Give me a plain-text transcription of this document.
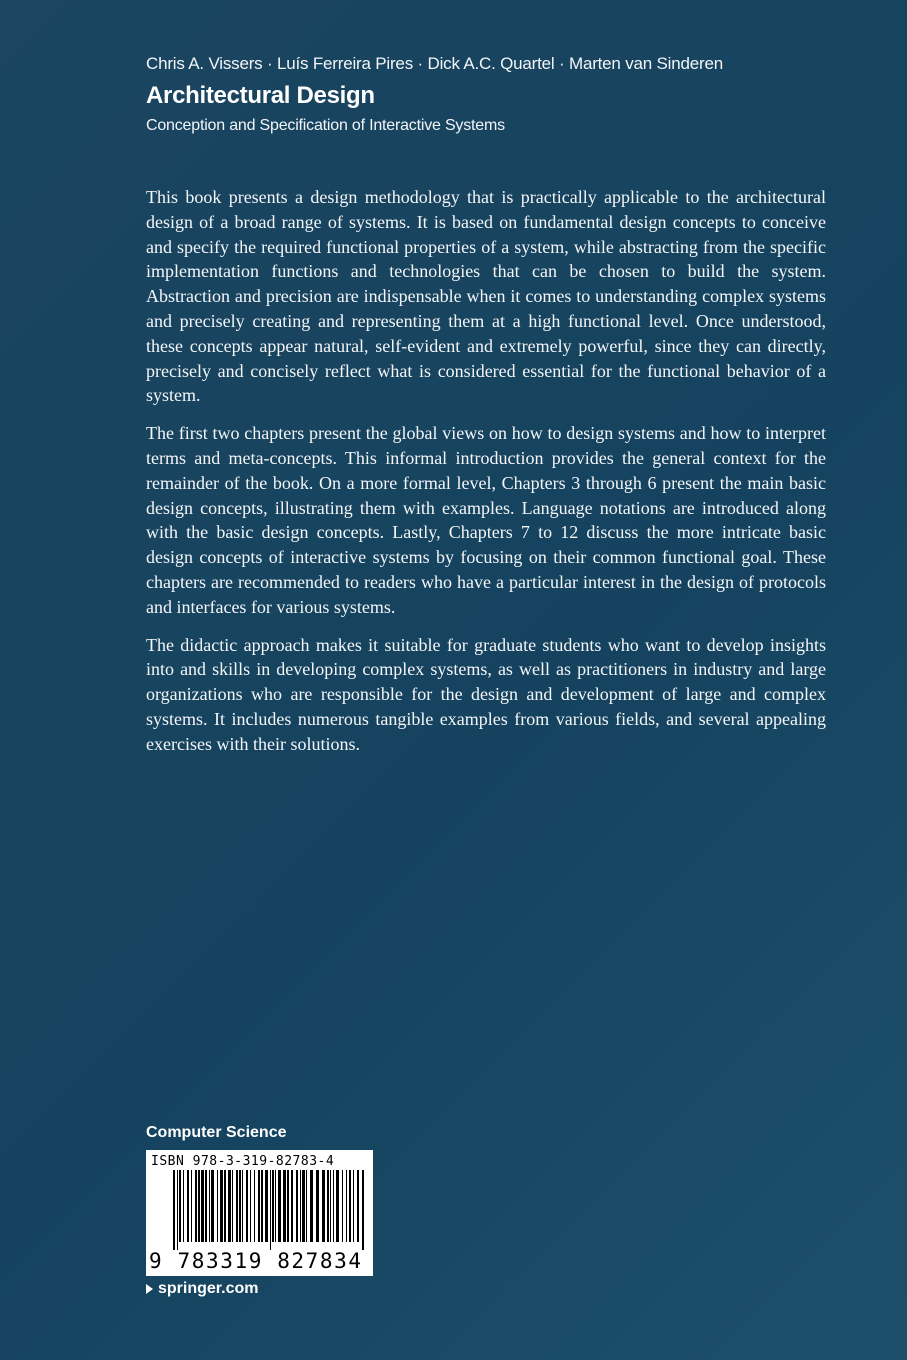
Chris A. Vissers · Luís Ferreira Pires · Dick A.C. Quartel · Marten van Sinderen
Architectural Design
Conception and Specification of Interactive Systems

This book presents a design methodology that is practically applicable to the architectural design of a broad range of systems. It is based on fundamental design concepts to conceive and specify the required functional properties of a system, while abstracting from the specific implementation functions and technologies that can be chosen to build the system. Abstraction and precision are indispensable when it comes to understanding complex systems and precisely creating and representing them at a high functional level. Once understood, these concepts appear natural, self-evident and extremely powerful, since they can directly, precisely and concisely reflect what is considered essential for the functional behavior of a system.

The first two chapters present the global views on how to design systems and how to interpret terms and meta-concepts. This informal introduction provides the general context for the remainder of the book. On a more formal level, Chapters 3 through 6 present the main basic design concepts, illustrating them with examples. Language notations are introduced along with the basic design concepts. Lastly, Chapters 7 to 12 discuss the more intricate basic design concepts of interactive systems by focusing on their common functional goal. These chapters are recommended to readers who have a particular interest in the design of protocols and interfaces for various systems.

The didactic approach makes it suitable for graduate students who want to develop insights into and skills in developing complex systems, as well as practitioners in industry and large organizations who are responsible for the design and development of large and complex systems. It includes numerous tangible examples from various fields, and several appealing exercises with their solutions.

Computer Science
ISBN 978-3-319-82783-4
9 783319 827834
springer.com
